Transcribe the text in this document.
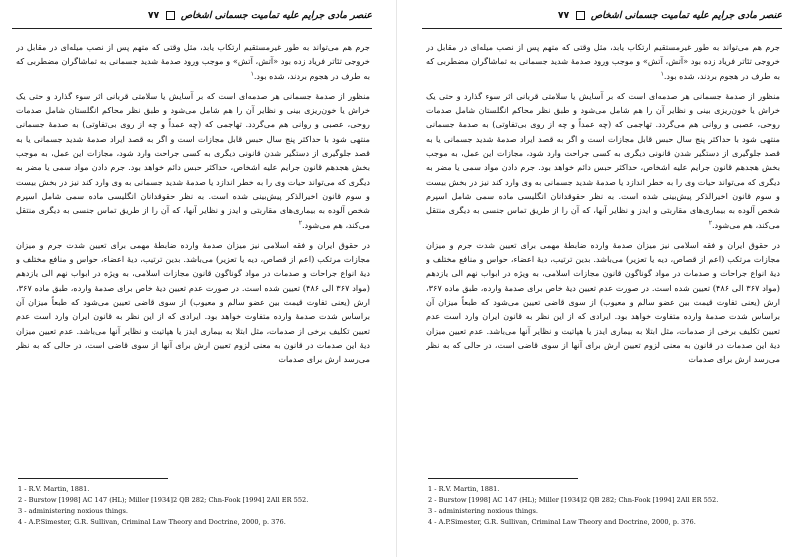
عنصر مادی جرایم علیه تمامیت جسمانی اشخاص  ۷۷

جرم هم می‌تواند به طور غیرمستقیم ارتکاب یابد، مثل وقتی که متهم پس از نصب میله‌ای در مقابل در خروجی تئاتر فریاد زده بود «آتش، آتش» و موجب ورود صدمهٔ شدید جسمانی به تماشاگران مضطربی که به طرف در هجوم بردند، شده بود.$^۱$

منظور از صدمهٔ جسمانی هر صدمه‌ای است که بر آسایش یا سلامتی قربانی اثر سوء گذارد و حتی یک خراش یا خون‌ریزی بینی و نظایر آن را هم شامل می‌شود و طبق نظر محاکم انگلستان شامل صدمات روحی، عصبی و روانی هم می‌گردد. تهاجمی که (چه عمداً و چه از روی بی‌تفاوتی) به صدمهٔ جسمانی منتهی شود با حداکثر پنج سال حبس قابل مجازات است و اگر به قصد ایراد صدمهٔ شدید جسمانی یا به قصد جلوگیری از دستگیر شدن قانونی دیگری به کسی جراحت وارد شود، مجازات این عمل، به موجب بخش هجدهم قانون جرایم علیه اشخاص، حداکثر حبس دائم خواهد بود. جرم دادن مواد سمی یا مضر به دیگری که می‌تواند حیات وی را به خطر اندازد یا صدمهٔ شدید جسمانی به وی وارد کند نیز در بخش بیست و سوم قانون اخیرالذکر پیش‌بینی شده است. به نظر حقوقدانان انگلیسی ماده سمی شامل اسپرم شخص آلوده به بیماری‌های مقاربتی و ایدز و نظایر آنها، که آن را از طریق تماس جنسی به دیگری منتقل می‌کند، هم می‌شود.$^۲$

در حقوق ایران و فقه اسلامی نیز میزان صدمهٔ وارده ضابطهٔ مهمی برای تعیین شدت جرم و میزان مجازات مرتکب (اعم از قصاص، دیه یا تعزیر) می‌باشد. بدین ترتیب، دیهٔ اعضاء، حواس و منافع مختلف و دیهٔ انواع جراحات و صدمات در مواد گوناگون قانون مجازات اسلامی، به ویژه در ابواب نهم الی یازدهم (مواد ۳۶۷ الی ۴۸۶) تعیین شده است. در صورت عدم تعیین دیهٔ خاص برای صدمهٔ وارده، طبق ماده ۳۶۷، ارش (یعنی تفاوت قیمت بین عضو سالم و معیوب) از سوی قاضی تعیین می‌شود که طبعاً میزان آن براساس شدت صدمهٔ وارده متفاوت خواهد بود. ایرادی که از این نظر به قانون ایران وارد است عدم تعیین تکلیف برخی از صدمات، مثل ابتلا به بیماری ایدز یا هپاتیت و نظایر آنها می‌باشد. عدم تعیین میزان دیهٔ این صدمات در قانون به معنی لزوم تعیین ارش برای آنها از سوی قاضی است، در حالی که به نظر می‌رسد ارش برای صدمات

1 - R.V. Martin, 1881.
2 - Burstow [1998] AC 147 (HL); Miller [1934]2 QB 282; Chn-Fook [1994] 2All ER 552.
3 - administering noxious things.
4 - A.P.Simester, G.R. Sullivan, Criminal Law Theory and Doctrine, 2000, p. 376.
عنصر مادی جرایم علیه تمامیت جسمانی اشخاص  ۷۷

جرم هم می‌تواند به طور غیرمستقیم ارتکاب یابد، مثل وقتی که متهم پس از نصب میله‌ای در مقابل در خروجی تئاتر فریاد زده بود «آتش، آتش» و موجب ورود صدمهٔ شدید جسمانی به تماشاگران مضطربی که به طرف در هجوم بردند، شده بود.$^۱$

منظور از صدمهٔ جسمانی هر صدمه‌ای است که بر آسایش یا سلامتی قربانی اثر سوء گذارد و حتی یک خراش یا خون‌ریزی بینی و نظایر آن را هم شامل می‌شود و طبق نظر محاکم انگلستان شامل صدمات روحی، عصبی و روانی هم می‌گردد. تهاجمی که (چه عمداً و چه از روی بی‌تفاوتی) به صدمهٔ جسمانی منتهی شود با حداکثر پنج سال حبس قابل مجازات است و اگر به قصد ایراد صدمهٔ شدید جسمانی یا به قصد جلوگیری از دستگیر شدن قانونی دیگری به کسی جراحت وارد شود، مجازات این عمل، به موجب بخش هجدهم قانون جرایم علیه اشخاص، حداکثر حبس دائم خواهد بود. جرم دادن مواد سمی یا مضر به دیگری که می‌تواند حیات وی را به خطر اندازد یا صدمهٔ شدید جسمانی به وی وارد کند نیز در بخش بیست و سوم قانون اخیرالذکر پیش‌بینی شده است. به نظر حقوقدانان انگلیسی ماده سمی شامل اسپرم شخص آلوده به بیماری‌های مقاربتی و ایدز و نظایر آنها، که آن را از طریق تماس جنسی به دیگری منتقل می‌کند، هم می‌شود.$^۲$

در حقوق ایران و فقه اسلامی نیز میزان صدمهٔ وارده ضابطهٔ مهمی برای تعیین شدت جرم و میزان مجازات مرتکب (اعم از قصاص، دیه یا تعزیر) می‌باشد. بدین ترتیب، دیهٔ اعضاء، حواس و منافع مختلف و دیهٔ انواع جراحات و صدمات در مواد گوناگون قانون مجازات اسلامی، به ویژه در ابواب نهم الی یازدهم (مواد ۳۶۷ الی ۴۸۶) تعیین شده است. در صورت عدم تعیین دیهٔ خاص برای صدمهٔ وارده، طبق ماده ۳۶۷، ارش (یعنی تفاوت قیمت بین عضو سالم و معیوب) از سوی قاضی تعیین می‌شود که طبعاً میزان آن براساس شدت صدمهٔ وارده متفاوت خواهد بود. ایرادی که از این نظر به قانون ایران وارد است عدم تعیین تکلیف برخی از صدمات، مثل ابتلا به بیماری ایدز یا هپاتیت و نظایر آنها می‌باشد. عدم تعیین میزان دیهٔ این صدمات در قانون به معنی لزوم تعیین ارش برای آنها از سوی قاضی است، در حالی که به نظر می‌رسد ارش برای صدمات

1 - R.V. Martin, 1881.
2 - Burstow [1998] AC 147 (HL); Miller [1934]2 QB 282; Chn-Fook [1994] 2All ER 552.
3 - administering noxious things.
4 - A.P.Simester, G.R. Sullivan, Criminal Law Theory and Doctrine, 2000, p. 376.
